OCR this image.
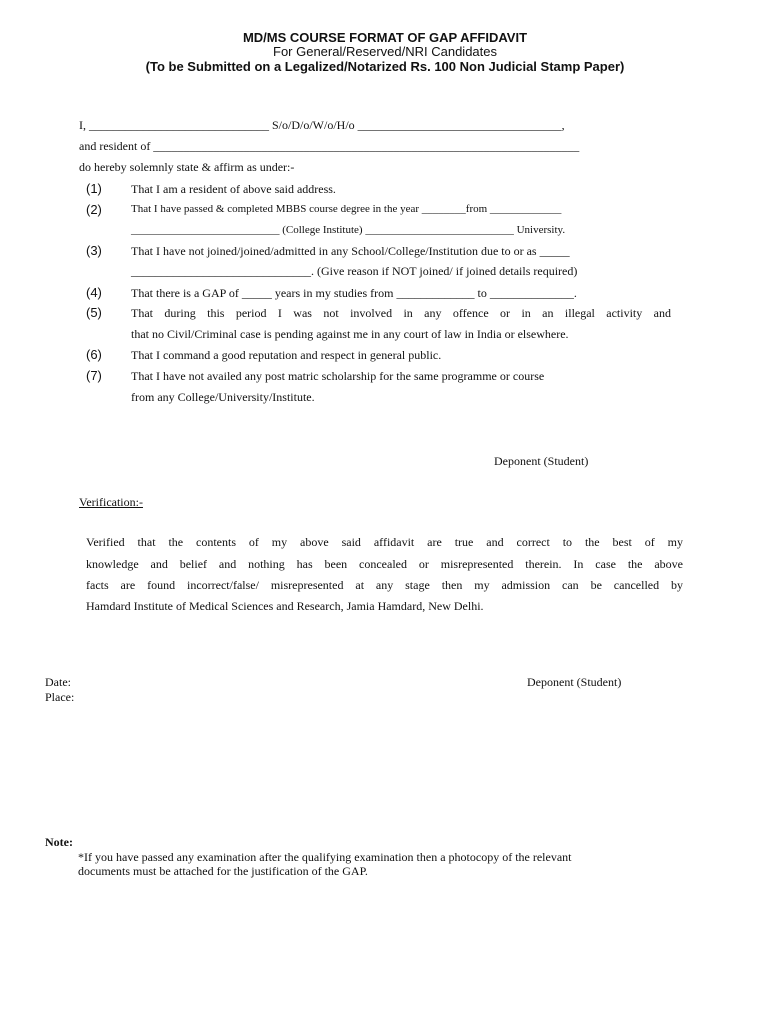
MD/MS COURSE FORMAT OF GAP AFFIDAVIT
For General/Reserved/NRI Candidates
(To be Submitted on a Legalized/Notarized Rs. 100 Non Judicial Stamp Paper)
I, ______________________________ S/o/D/o/W/o/H/o __________________________________,
and resident of _______________________________________________________________________
do hereby solemnly state & affirm as under:-
(1) That I am a resident of above said address.
(2)	That I have passed & completed MBBS course degree in the year ________from _____________
___________________________ (College Institute) ___________________________ University.
(3) That I have not joined/joined/admitted in any School/College/Institution due to or as _____
______________________________. (Give reason if NOT joined/ if joined details required)
(4) That there is a GAP of _____ years in my studies from _____________ to ______________.
(5) That during this period I was not involved in any offence or in an illegal activity and
that no Civil/Criminal case is pending against me in any court of law in India or elsewhere.
(6) That I command a good reputation and respect in general public.
(7) That I have not availed any post matric scholarship for the same programme or course
from any College/University/Institute.
Deponent (Student)
Verification:-
Verified that the contents of my above said affidavit are true and correct to the best of my
knowledge and belief and nothing has been concealed or misrepresented therein. In case the above
facts are found incorrect/false/ misrepresented at any stage then my admission can be cancelled by
Hamdard Institute of Medical Sciences and Research, Jamia Hamdard, New Delhi.
Date:
Place:
Deponent (Student)
Note:
*If you have passed any examination after the qualifying examination then a photocopy of the relevant
documents must be attached for the justification of the GAP.
